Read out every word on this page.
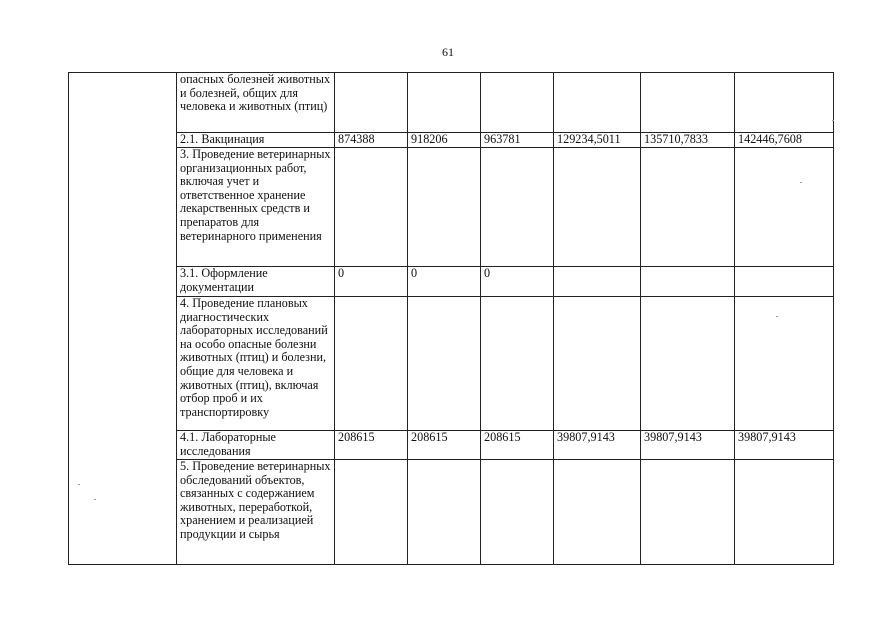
61
	опасных болезней животных и болезней, общих для человека и животных (птиц)						
	2.1. Вакцинация	874388	918206	963781	129234,5011	135710,7833	142446,7608
	3. Проведение ветеринарных организационных работ, включая учет и ответственное хранение лекарственных средств и препаратов для ветеринарного применения						
	3.1. Оформление документации	0	0	0			
	4. Проведение плановых диагностических лабораторных исследований на особо опасные болезни животных (птиц) и болезни, общие для человека и животных (птиц), включая отбор проб и их транспортировку						
	4.1. Лабораторные исследования	208615	208615	208615	39807,9143	39807,9143	39807,9143
	5. Проведение ветеринарных обследований объектов, связанных с содержанием животных, переработкой, хранением и реализацией продукции и сырья						
